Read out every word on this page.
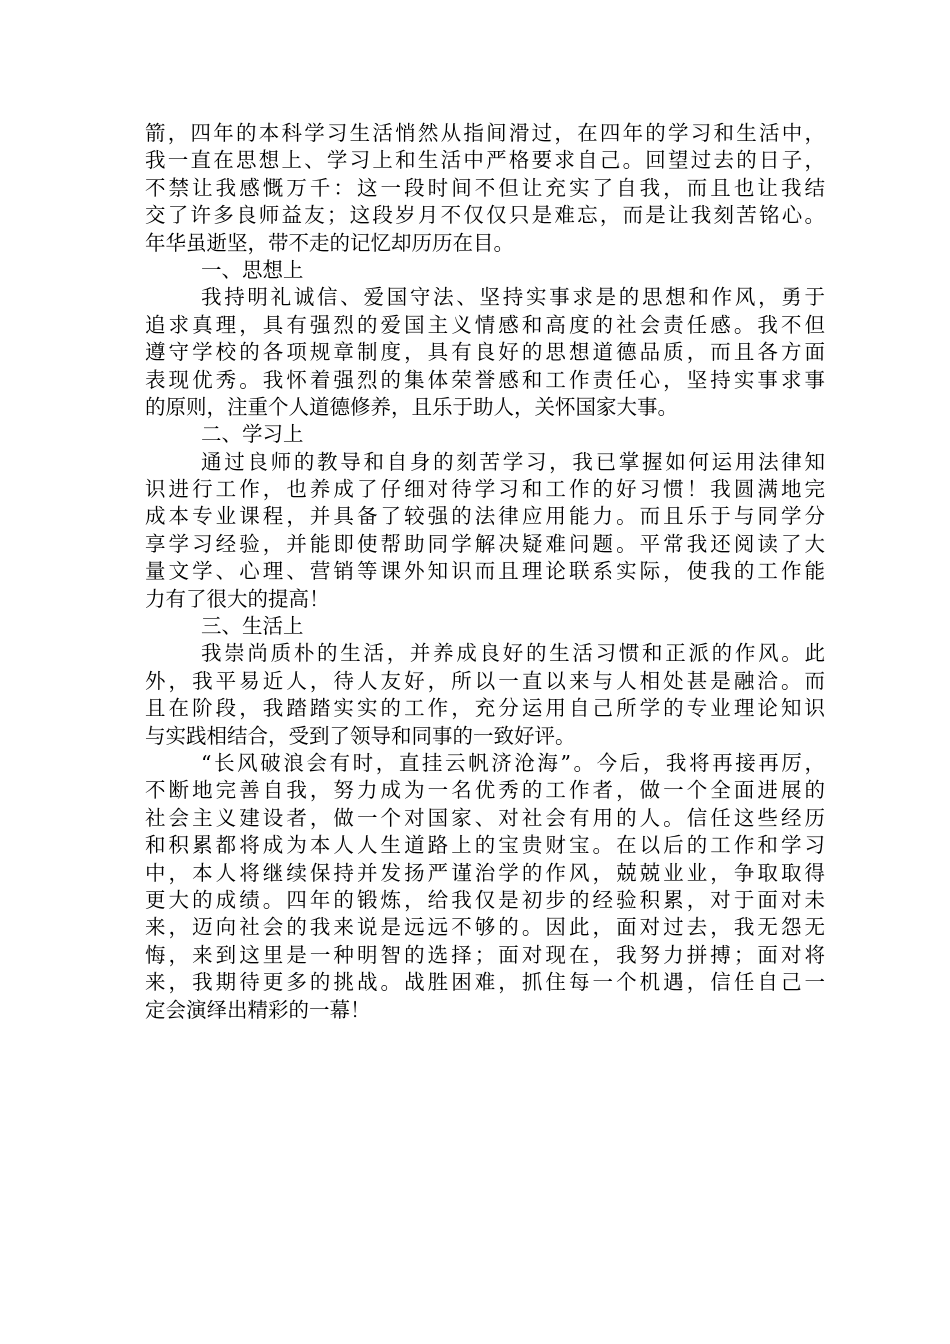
箭，四年的本科学习生活悄然从指间滑过，在四年的学习和生活中，
我一直在思想上、学习上和生活中严格要求自己。回望过去的日子，
不禁让我感慨万千：这一段时间不但让充实了自我，而且也让我结
交了许多良师益友；这段岁月不仅仅只是难忘，而是让我刻苦铭心。
年华虽逝坚，带不走的记忆却历历在目。
一、思想上
我持明礼诚信、爱国守法、坚持实事求是的思想和作风，勇于
追求真理，具有强烈的爱国主义情感和高度的社会责任感。我不但
遵守学校的各项规章制度，具有良好的思想道德品质，而且各方面
表现优秀。我怀着强烈的集体荣誉感和工作责任心，坚持实事求事
的原则，注重个人道德修养，且乐于助人，关怀国家大事。
二、学习上
通过良师的教导和自身的刻苦学习，我已掌握如何运用法律知
识进行工作，也养成了仔细对待学习和工作的好习惯！我圆满地完
成本专业课程，并具备了较强的法律应用能力。而且乐于与同学分
享学习经验，并能即使帮助同学解决疑难问题。平常我还阅读了大
量文学、心理、营销等课外知识而且理论联系实际，使我的工作能
力有了很大的提高！
三、生活上
我崇尚质朴的生活，并养成良好的生活习惯和正派的作风。此
外，我平易近人，待人友好，所以一直以来与人相处甚是融洽。而
且在阶段，我踏踏实实的工作，充分运用自己所学的专业理论知识
与实践相结合，受到了领导和同事的一致好评。
“长风破浪会有时，直挂云帆济沧海”。今后，我将再接再厉，
不断地完善自我，努力成为一名优秀的工作者，做一个全面进展的
社会主义建设者，做一个对国家、对社会有用的人。信任这些经历
和积累都将成为本人人生道路上的宝贵财宝。在以后的工作和学习
中，本人将继续保持并发扬严谨治学的作风，兢兢业业，争取取得
更大的成绩。四年的锻炼，给我仅是初步的经验积累，对于面对未
来，迈向社会的我来说是远远不够的。因此，面对过去，我无怨无
悔，来到这里是一种明智的选择；面对现在，我努力拼搏；面对将
来，我期待更多的挑战。战胜困难，抓住每一个机遇，信任自己一
定会演绎出精彩的一幕！
